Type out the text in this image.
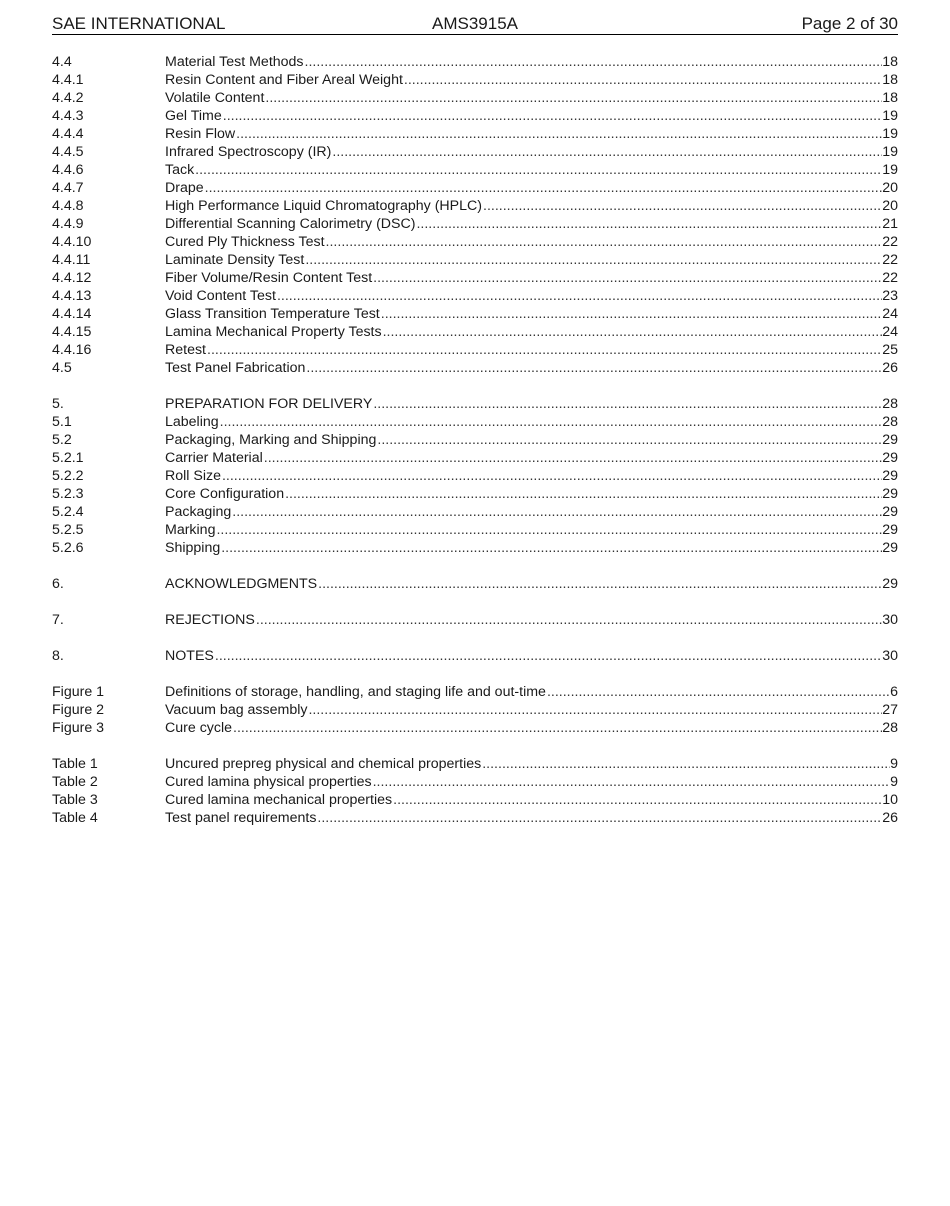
SAE INTERNATIONAL	AMS3915A	Page 2 of 30
4.4	Material Test Methods .....	18
4.4.1	Resin Content and Fiber Areal Weight .....	18
4.4.2	Volatile Content .....	18
4.4.3	Gel Time .....	19
4.4.4	Resin Flow .....	19
4.4.5	Infrared Spectroscopy (IR) .....	19
4.4.6	Tack .....	19
4.4.7	Drape .....	20
4.4.8	High Performance Liquid Chromatography (HPLC) .....	20
4.4.9	Differential Scanning Calorimetry (DSC) .....	21
4.4.10	Cured Ply Thickness Test .....	22
4.4.11	Laminate Density Test .....	22
4.4.12	Fiber Volume/Resin Content Test .....	22
4.4.13	Void Content Test .....	23
4.4.14	Glass Transition Temperature Test .....	24
4.4.15	Lamina Mechanical Property Tests .....	24
4.4.16	Retest .....	25
4.5	Test Panel Fabrication .....	26
5.	PREPARATION FOR DELIVERY .....	28
5.1	Labeling .....	28
5.2	Packaging, Marking and Shipping .....	29
5.2.1	Carrier Material .....	29
5.2.2	Roll Size .....	29
5.2.3	Core Configuration .....	29
5.2.4	Packaging .....	29
5.2.5	Marking .....	29
5.2.6	Shipping .....	29
6.	ACKNOWLEDGMENTS .....	29
7.	REJECTIONS .....	30
8.	NOTES .....	30
Figure 1	Definitions of storage, handling, and staging life and out-time .....	6
Figure 2	Vacuum bag assembly .....	27
Figure 3	Cure cycle .....	28
Table 1	Uncured prepreg physical and chemical properties .....	9
Table 2	Cured lamina physical properties .....	9
Table 3	Cured lamina mechanical properties .....	10
Table 4	Test panel requirements .....	26
